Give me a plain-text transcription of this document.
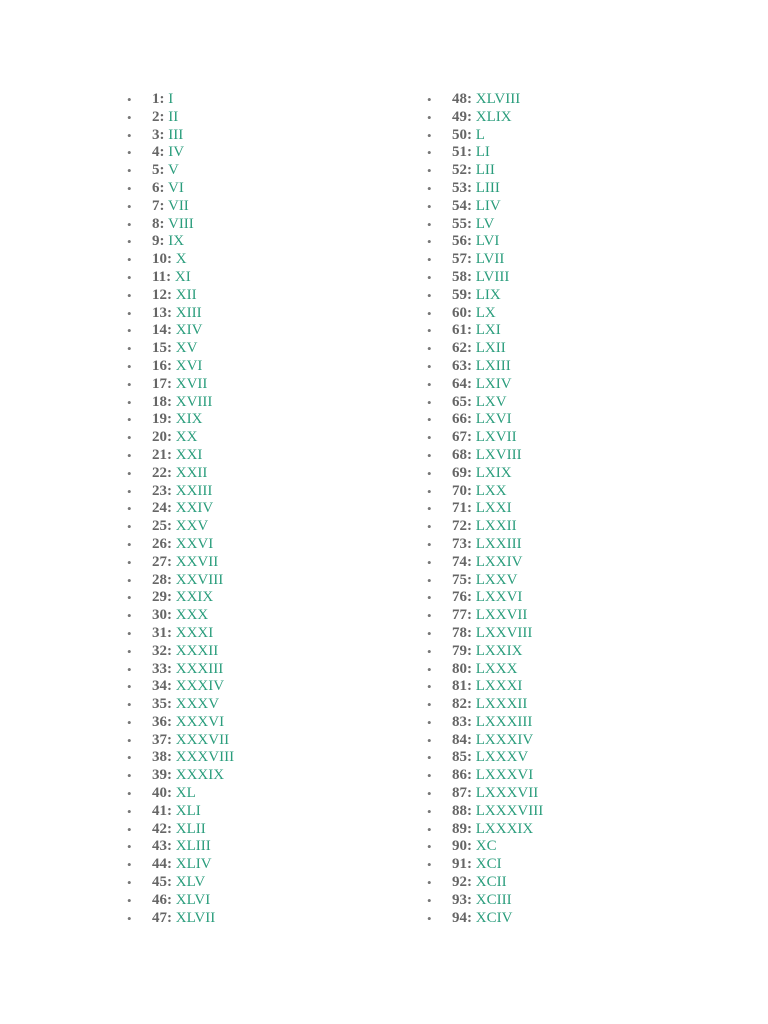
• 1: I
• 2: II
• 3: III
• 4: IV
• 5: V
• 6: VI
• 7: VII
• 8: VIII
• 9: IX
• 10: X
• 11: XI
• 12: XII
• 13: XIII
• 14: XIV
• 15: XV
• 16: XVI
• 17: XVII
• 18: XVIII
• 19: XIX
• 20: XX
• 21: XXI
• 22: XXII
• 23: XXIII
• 24: XXIV
• 25: XXV
• 26: XXVI
• 27: XXVII
• 28: XXVIII
• 29: XXIX
• 30: XXX
• 31: XXXI
• 32: XXXII
• 33: XXXIII
• 34: XXXIV
• 35: XXXV
• 36: XXXVI
• 37: XXXVII
• 38: XXXVIII
• 39: XXXIX
• 40: XL
• 41: XLI
• 42: XLII
• 43: XLIII
• 44: XLIV
• 45: XLV
• 46: XLVI
• 47: XLVII
• 48: XLVIII
• 49: XLIX
• 50: L
• 51: LI
• 52: LII
• 53: LIII
• 54: LIV
• 55: LV
• 56: LVI
• 57: LVII
• 58: LVIII
• 59: LIX
• 60: LX
• 61: LXI
• 62: LXII
• 63: LXIII
• 64: LXIV
• 65: LXV
• 66: LXVI
• 67: LXVII
• 68: LXVIII
• 69: LXIX
• 70: LXX
• 71: LXXI
• 72: LXXII
• 73: LXXIII
• 74: LXXIV
• 75: LXXV
• 76: LXXVI
• 77: LXXVII
• 78: LXXVIII
• 79: LXXIX
• 80: LXXX
• 81: LXXXI
• 82: LXXXII
• 83: LXXXIII
• 84: LXXXIV
• 85: LXXXV
• 86: LXXXVI
• 87: LXXXVII
• 88: LXXXVIII
• 89: LXXXIX
• 90: XC
• 91: XCI
• 92: XCII
• 93: XCIII
• 94: XCIV
